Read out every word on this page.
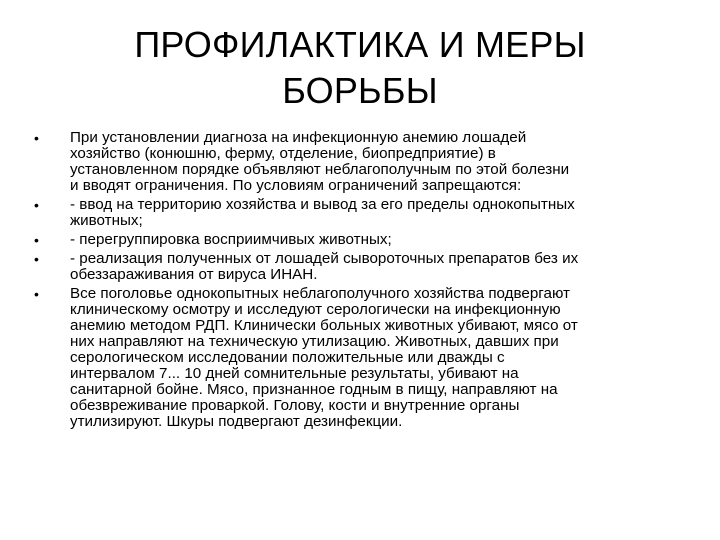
ПРОФИЛАКТИКА И МЕРЫ
БОРЬБЫ
•	При установлении диагноза на инфекционную анемию лошадей
хозяйство (конюшню, ферму, отделение, биопредприятие) в
установленном порядке объявляют неблагополучным по этой болезни
и вводят ограничения. По условиям ограничений запрещаются:
•	- ввод на территорию хозяйства и вывод за его пределы однокопытных
животных;
•	- перегруппировка восприимчивых животных;
•	- реализация полученных от лошадей сывороточных препаратов без их
обеззараживания от вируса ИНАН.
•	Все поголовье однокопытных неблагополучного хозяйства подвергают
клиническому осмотру и исследуют серологически на инфекционную
анемию методом РДП. Клинически больных животных убивают, мясо от
них направляют на техническую утилизацию. Животных, давших при
серологическом исследовании положительные или дважды с
интервалом 7... 10 дней сомнительные результаты, убивают на
санитарной бойне. Мясо, признанное годным в пищу, направляют на
обезвреживание проваркой. Голову, кости и внутренние органы
утилизируют. Шкуры подвергают дезинфекции.
